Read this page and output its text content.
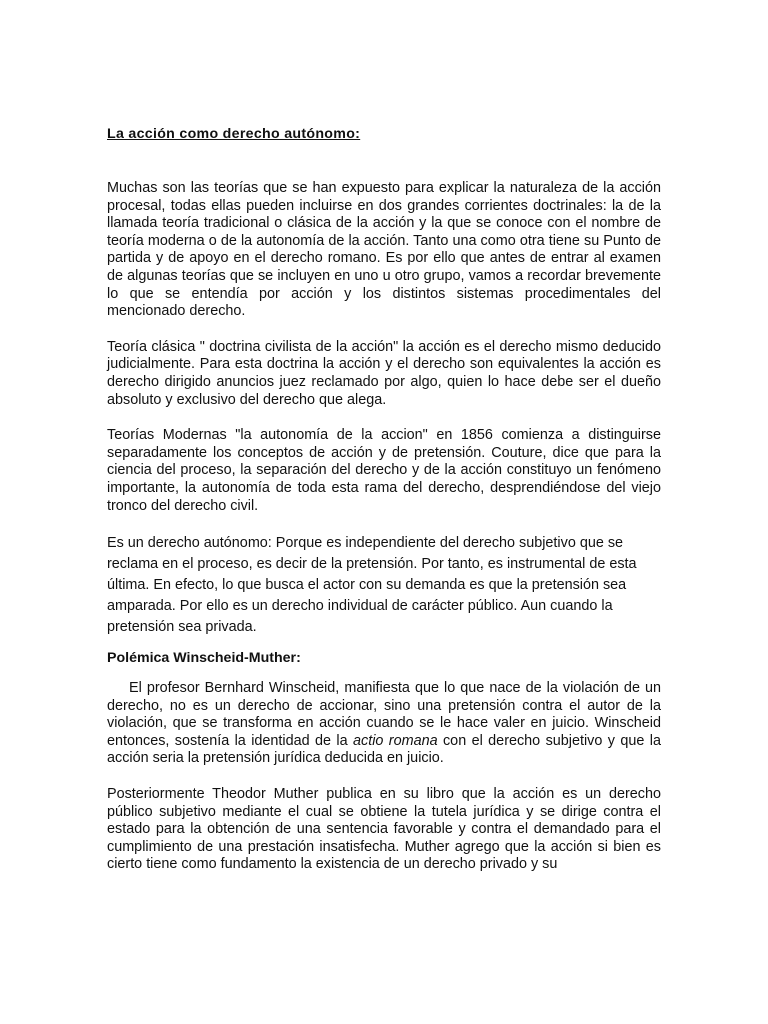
La acción como derecho autónomo:

Muchas son las teorías que se han expuesto para explicar la naturaleza de la acción procesal, todas ellas pueden incluirse en dos grandes corrientes doctrinales: la de la llamada teoría tradicional o clásica de la acción y la que se conoce con el nombre de teoría moderna o de la autonomía de la acción. Tanto una como otra tiene su Punto de partida y de apoyo en el derecho romano. Es por ello que antes de entrar al examen de algunas teorías que se incluyen en uno u otro grupo, vamos a recordar brevemente lo que se entendía por acción y los distintos sistemas procedimentales del mencionado derecho.

Teoría clásica " doctrina civilista de la acción" la acción es el derecho mismo deducido judicialmente. Para esta doctrina la acción y el derecho son equivalentes la acción es derecho dirigido anuncios juez reclamado por algo, quien lo hace debe ser el dueño absoluto y exclusivo del derecho que alega.

Teorías Modernas "la autonomía de la accion" en 1856 comienza a distinguirse separadamente los conceptos de acción y de pretensión. Couture, dice que para la ciencia del proceso, la separación del derecho y de la acción constituyo un fenómeno importante, la autonomía de toda esta rama del derecho, desprendiéndose del viejo tronco del derecho civil.

Es un derecho autónomo: Porque es independiente del derecho subjetivo que se reclama en el proceso, es decir de la pretensión. Por tanto, es instrumental de esta última. En efecto, lo que busca el actor con su demanda es que la pretensión sea amparada. Por ello es un derecho individual de carácter público. Aun cuando la pretensión sea privada.

Polémica Winscheid-Muther:

El profesor Bernhard Winscheid, manifiesta que lo que nace de la violación de un derecho, no es un derecho de accionar, sino una pretensión contra el autor de la violación, que se transforma en acción cuando se le hace valer en juicio. Winscheid entonces, sostenía la identidad de la actio romana con el derecho subjetivo y que la acción seria la pretensión jurídica deducida en juicio.

Posteriormente Theodor Muther publica en su libro que la acción es un derecho público subjetivo mediante el cual se obtiene la tutela jurídica y se dirige contra el estado para la obtención de una sentencia favorable y contra el demandado para el cumplimiento de una prestación insatisfecha. Muther agrego que la acción si bien es cierto tiene como fundamento la existencia de un derecho privado y su
